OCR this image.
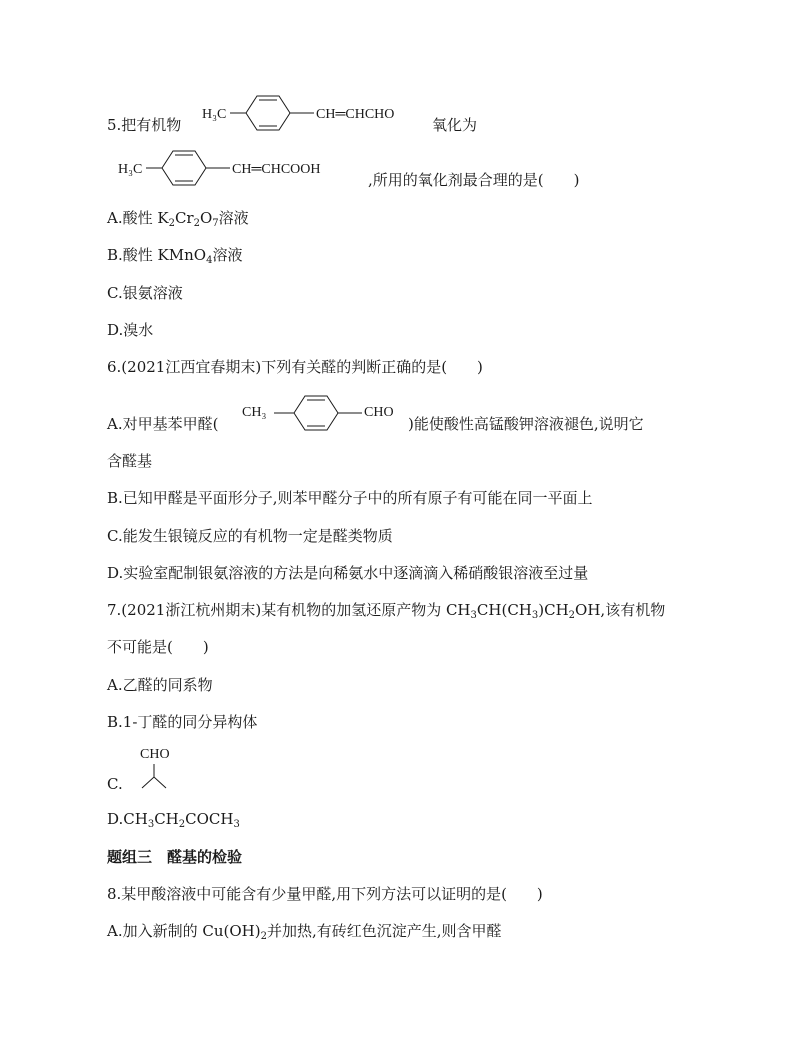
5.把有机物
H₃C	CH═CHCHO
氧化为
H₃C	CH═CHCOOH
,所用的氧化剂最合理的是(　　)
A.酸性 $K_2Cr_2O_7$溶液
B.酸性 KMnO$_4$溶液
C.银氨溶液
D.溴水
6.(2021江西宜春期末)下列有关醛的判断正确的是(　　)
A.对甲基苯甲醛(
CH₃	CHO
)能使酸性高锰酸钾溶液褪色,说明它
含醛基
B.已知甲醛是平面形分子,则苯甲醛分子中的所有原子有可能在同一平面上
C.能发生银镜反应的有机物一定是醛类物质
D.实验室配制银氨溶液的方法是向稀氨水中逐滴滴入稀硝酸银溶液至过量
7.(2021浙江杭州期末)某有机物的加氢还原产物为 $CH_3CH(CH_3)CH_2OH$,该有机物
不可能是(　　)
A.乙醛的同系物
B.1-丁醛的同分异构体
C.
CHO
$D.CH_3CH_2COCH_3$
题组三　醛基的检验
8.某甲酸溶液中可能含有少量甲醛,用下列方法可以证明的是(　　)
A.加入新制的 $Cu(OH)_2$并加热,有砖红色沉淀产生,则含甲醛
